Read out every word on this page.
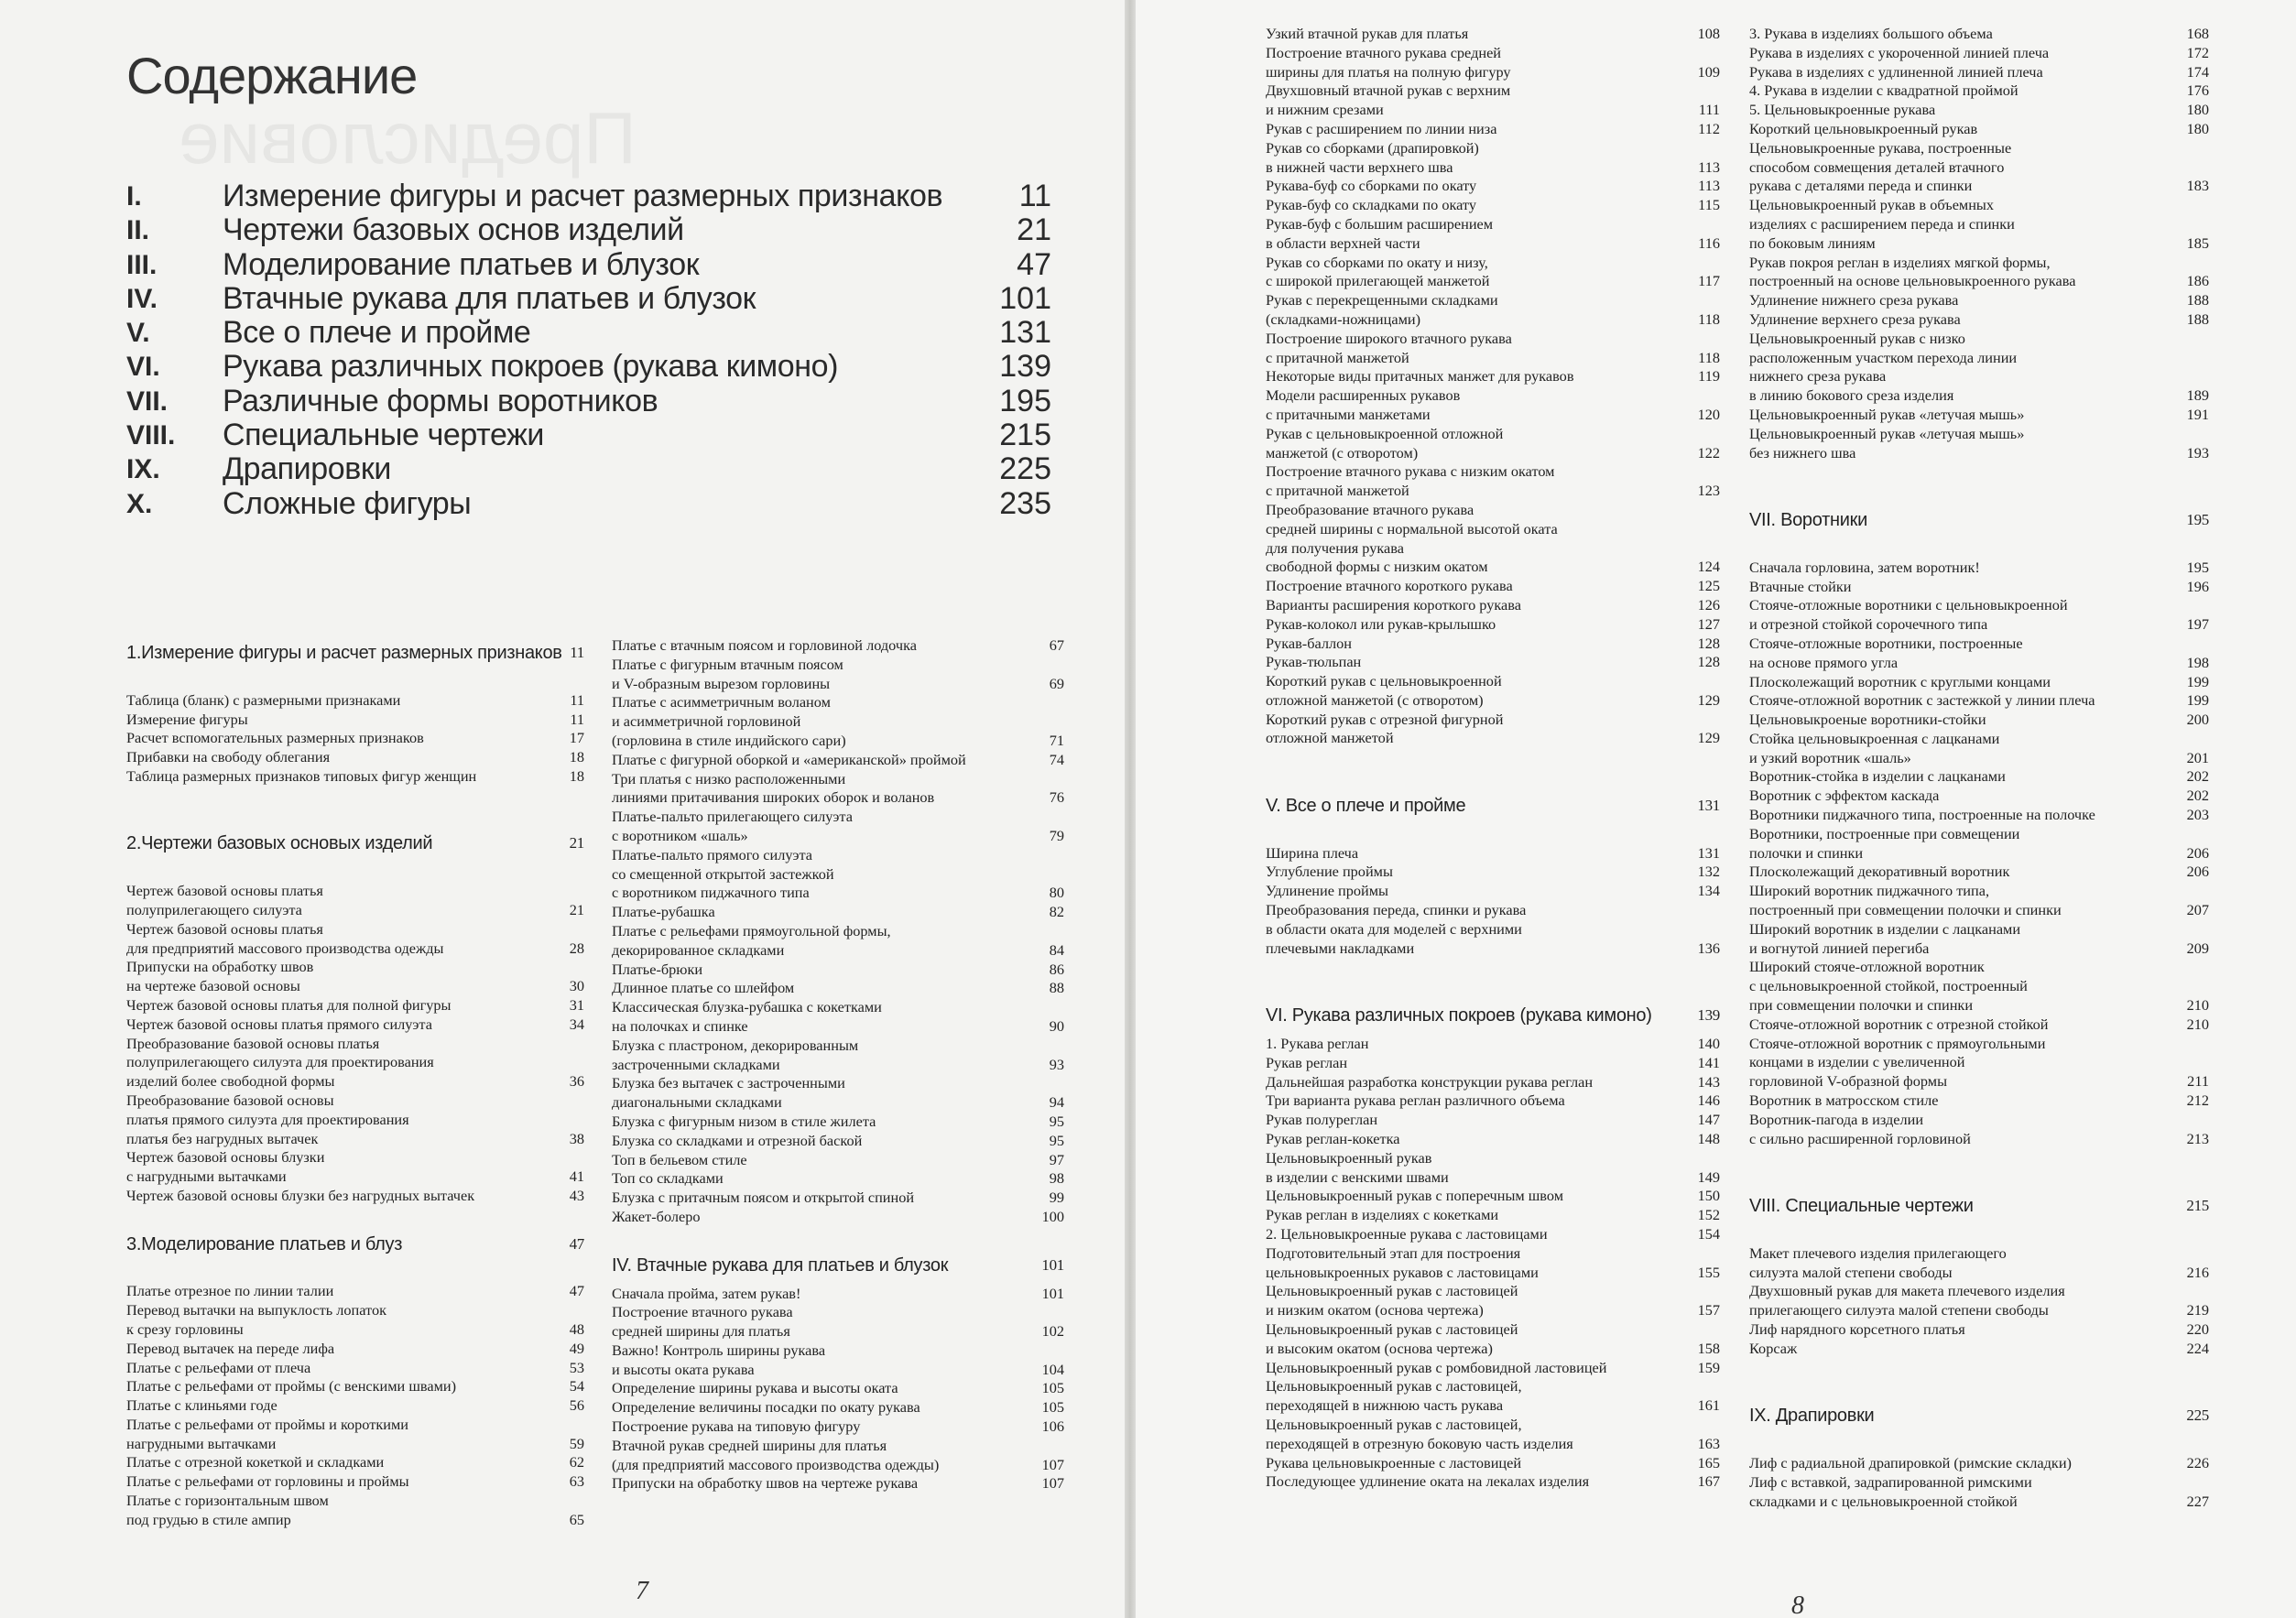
Предисловие
Содержание
I.	Измерение фигуры и расчет размерных признаков 11
II. Чертежи базовых основ изделий	21
III. Моделирование платьев и блузок	47
IV. Втачные рукава для платьев и блузок	101
V. Все о плече и пройме	131
VI. Рукава различных покроев (рукава кимоно)	139
VII. Различные формы воротников	195
VIII. Специальные чертежи	215
IX. Драпировки	225
X. Сложные фигуры	235
1.Измерение фигуры и расчет размерных признаков 11
Таблица (бланк) с размерными признаками	11
Измерение фигуры	11
Расчет вспомогательных размерных признаков	17
Прибавки на свободу облегания	18
Таблица размерных признаков типовых фигур женщин	18
2.Чертежи базовых основых изделий	21
Чертеж базовой основы платья
полуприлегающего силуэта	21
Чертеж базовой основы платья
для предприятий массового производства одежды	28
Припуски на обработку швов
на чертеже базовой основы	30
Чертеж базовой основы платья для полной фигуры	31
Чертеж базовой основы платья прямого силуэта	34
Преобразование базовой основы платья
полуприлегающего силуэта для проектирования
изделий более свободной формы	36
Преобразование базовой основы
платья прямого силуэта для проектирования
платья без нагрудных вытачек	38
Чертеж базовой основы блузки
с нагрудными вытачками	41
Чертеж базовой основы блузки без нагрудных вытачек	43
3.Моделирование платьев и блуз	47
Платье отрезное по линии талии	47
Перевод вытачки на выпуклость лопаток
к срезу горловины	48
Перевод вытачек на переде лифа	49
Платье с рельефами от плеча	53
Платье с рельефами от проймы (с венскими швами)	54
Платье с клиньями годе	56
Платье с рельефами от проймы и короткими
нагрудными вытачками	59
Платье с отрезной кокеткой и складками	62
Платье с рельефами от горловины и проймы	63
Платье с горизонтальным швом
под грудью в стиле ампир	65
Платье с втачным поясом и горловиной лодочка	67
Платье с фигурным втачным поясом
и V-образным вырезом горловины	69
Платье с асимметричным воланом
и асимметричной горловиной
(горловина в стиле индийского сари)	71
Платье с фигурной оборкой и «американской» проймой	74
Три платья с низко расположенными
линиями притачивания широких оборок и воланов	76
Платье-пальто прилегающего силуэта
с воротником «шаль»	79
Платье-пальто прямого силуэта
со смещенной открытой застежкой
с воротником пиджачного типа	80
Платье-рубашка	82
Платье с рельефами прямоугольной формы,
декорированное складками	84
Платье-брюки	86
Длинное платье со шлейфом	88
Классическая блузка-рубашка с кокетками
на полочках и спинке	90
Блузка с пластроном, декорированным
застроченными складками	93
Блузка без вытачек с застроченными
диагональными складками	94
Блузка с фигурным низом в стиле жилета	95
Блузка со складками и отрезной баской	95
Топ в бельевом стиле	97
Топ со складками	98
Блузка с притачным поясом и открытой спиной	99
Жакет-болеро	100
IV. Втачные рукава для платьев и блузок	101
Сначала пройма, затем рукав!	101
Построение втачного рукава
средней ширины для платья	102
Важно! Контроль ширины рукава
и высоты оката рукава	104
Определение ширины рукава и высоты оката	105
Определение величины посадки по окату рукава	105
Построение рукава на типовую фигуру	106
Втачной рукав средней ширины для платья
(для предприятий массового производства одежды)	107
Припуски на обработку швов на чертеже рукава	107
7
Узкий втачной рукав для платья	108
Построение втачного рукава средней
ширины для платья на полную фигуру	109
Двухшовный втачной рукав с верхним
и нижним срезами	111
Рукав с расширением по линии низа	112
Рукав со сборками (драпировкой)
в нижней части верхнего шва	113
Рукава-буф со сборками по окату	113
Рукав-буф со складками по окату	115
Рукав-буф с большим расширением
в области верхней части	116
Рукав со сборками по окату и низу,
с широкой прилегающей манжетой	117
Рукав с перекрещенными складками
(складками-ножницами)	118
Построение широкого втачного рукава
с притачной манжетой	118
Некоторые виды притачных манжет для рукавов	119
Модели расширенных рукавов
с притачными манжетами	120
Рукав с цельновыкроенной отложной
манжетой (с отворотом)	122
Построение втачного рукава с низким окатом
с притачной манжетой	123
Преобразование втачного рукава
средней ширины с нормальной высотой оката
для получения рукава
свободной формы с низким окатом	124
Построение втачного короткого рукава	125
Варианты расширения короткого рукава	126
Рукав-колокол или рукав-крылышко	127
Рукав-баллон	128
Рукав-тюльпан	128
Короткий рукав с цельновыкроенной
отложной манжетой (с отворотом)	129
Короткий рукав с отрезной фигурной
отложной манжетой	129
V. Все о плече и пройме	131
Ширина плеча	131
Углубление проймы	132
Удлинение проймы	134
Преобразования переда, спинки и рукава
в области оката для моделей с верхними
плечевыми накладками	136
VI. Рукава различных покроев (рукава кимоно)	139
1. Рукава реглан	140
Рукав реглан	141
Дальнейшая разработка конструкции рукава реглан	143
Три варианта рукава реглан различного объема	146
Рукав полуреглан	147
Рукав реглан-кокетка	148
Цельновыкроенный рукав
в изделии с венскими швами	149
Цельновыкроенный рукав с поперечным швом	150
Рукав реглан в изделиях с кокетками	152
2. Цельновыкроенные рукава с ластовицами	154
Подготовительный этап для построения
цельновыкроенных рукавов с ластовицами	155
Цельновыкроенный рукав с ластовицей
и низким окатом (основа чертежа)	157
Цельновыкроенный рукав с ластовицей
и высоким окатом (основа чертежа)	158
Цельновыкроенный рукав с ромбовидной ластовицей	159
Цельновыкроенный рукав с ластовицей,
переходящей в нижнюю часть рукава	161
Цельновыкроенный рукав с ластовицей,
переходящей в отрезную боковую часть изделия	163
Рукава цельновыкроенные с ластовицей	165
Последующее удлинение оката на лекалах изделия	167
3. Рукава в изделиях большого объема	168
Рукава в изделиях с укороченной линией плеча	172
Рукава в изделиях с удлиненной линией плеча	174
4. Рукава в изделии с квадратной проймой	176
5. Цельновыкроенные рукава	180
Короткий цельновыкроенный рукав	180
Цельновыкроенные рукава, построенные
способом совмещения деталей втачного
рукава с деталями переда и спинки	183
Цельновыкроенный рукав в объемных
изделиях с расширением переда и спинки
по боковым линиям	185
Рукав покроя реглан в изделиях мягкой формы,
построенный на основе цельновыкроенного рукава	186
Удлинение нижнего среза рукава	188
Удлинение верхнего среза рукава	188
Цельновыкроенный рукав с низко
расположенным участком перехода линии
нижнего среза рукава
в линию бокового среза изделия	189
Цельновыкроенный рукав «летучая мышь»	191
Цельновыкроенный рукав «летучая мышь»
без нижнего шва	193
VII. Воротники	195
Сначала горловина, затем воротник!	195
Втачные стойки	196
Стояче-отложные воротники с цельновыкроенной
и отрезной стойкой сорочечного типа	197
Стояче-отложные воротники, построенные
на основе прямого угла	198
Плосколежащий воротник с круглыми концами	199
Стояче-отложной воротник с застежкой у линии плеча	199
Цельновыкроеные воротники-стойки	200
Стойка цельновыкроенная с лацканами
и узкий воротник «шаль»	201
Воротник-стойка в изделии с лацканами	202
Воротник с эффектом каскада	202
Воротники пиджачного типа, построенные на полочке	203
Воротники, построенные при совмещении
полочки и спинки	206
Плосколежащий декоративный воротник	206
Широкий воротник пиджачного типа,
построенный при совмещении полочки и спинки	207
Широкий воротник в изделии с лацканами
и вогнутой линией перегиба	209
Широкий стояче-отложной воротник
с цельновыкроенной стойкой, построенный
при совмещении полочки и спинки	210
Стояче-отложной воротник с отрезной стойкой	210
Стояче-отложной воротник с прямоугольными
концами в изделии с увеличенной
горловиной V-образной формы	211
Воротник в матросском стиле	212
Воротник-пагода в изделии
с сильно расширенной горловиной	213
VIII. Специальные чертежи	215
Макет плечевого изделия прилегающего
силуэта малой степени свободы	216
Двухшовный рукав для макета плечевого изделия
прилегающего силуэта малой степени свободы	219
Лиф нарядного корсетного платья	220
Корсаж	224
IX. Драпировки	225
Лиф с радиальной драпировкой (римские складки)	226
Лиф с вставкой, задрапированной римскими
складками и с цельновыкроенной стойкой	227
8
